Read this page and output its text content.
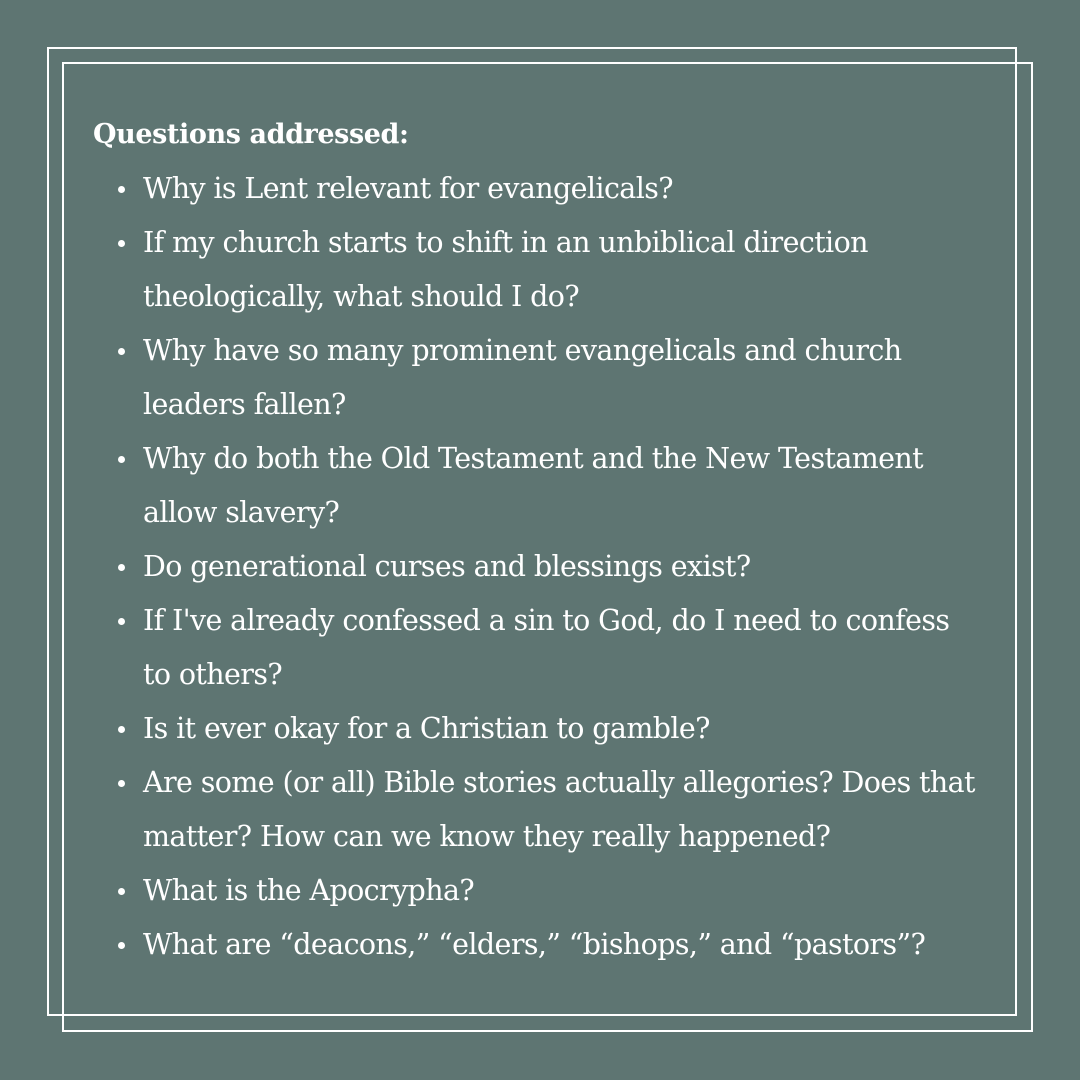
Questions addressed:
Why is Lent relevant for evangelicals?
If my church starts to shift in an unbiblical direction theologically, what should I do?
Why have so many prominent evangelicals and church leaders fallen?
Why do both the Old Testament and the New Testament allow slavery?
Do generational curses and blessings exist?
If I've already confessed a sin to God, do I need to confess to others?
Is it ever okay for a Christian to gamble?
Are some (or all) Bible stories actually allegories? Does that matter? How can we know they really happened?
What is the Apocrypha?
What are “deacons,” “elders,” “bishops,” and “pastors”?
